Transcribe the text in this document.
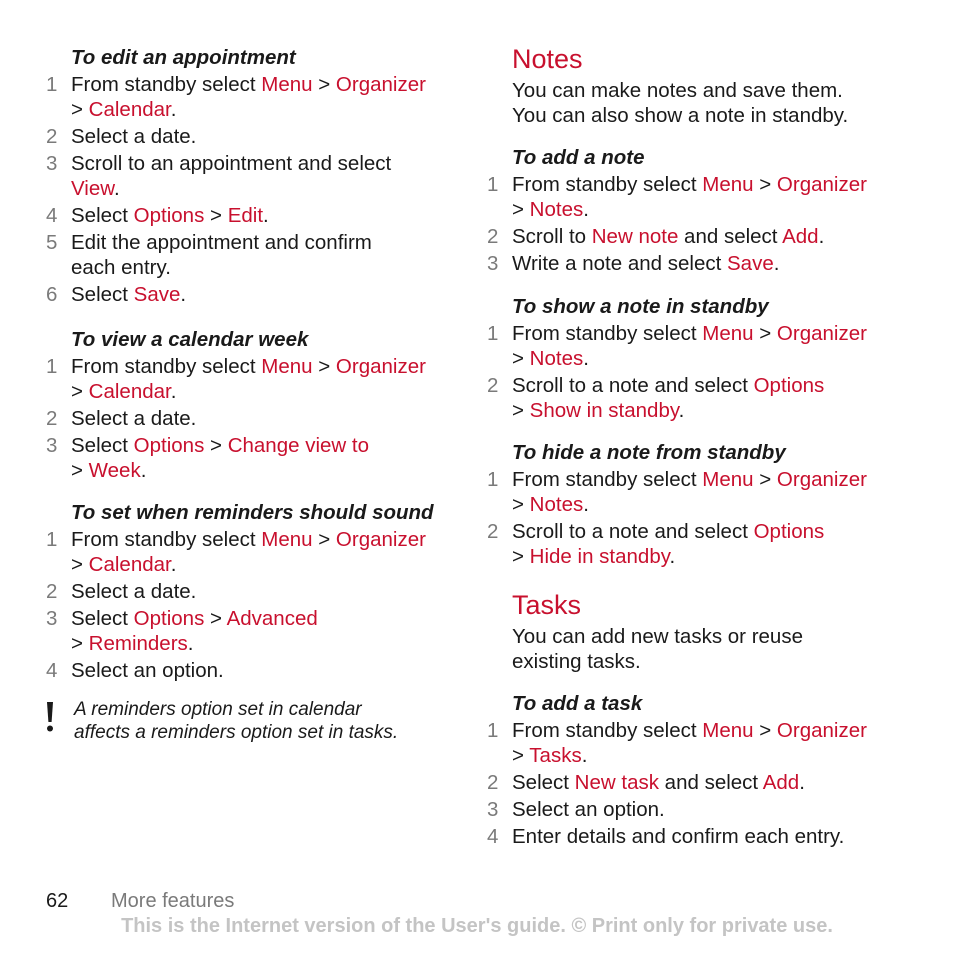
To edit an appointment
1 From standby select Menu > Organizer
> Calendar.
2 Select a date.
3 Scroll to an appointment and select
View.
4 Select Options > Edit.
5 Edit the appointment and confirm
each entry.
6 Select Save.
To view a calendar week
1 From standby select Menu > Organizer
> Calendar.
2 Select a date.
3 Select Options > Change view to
> Week.
To set when reminders should sound
1 From standby select Menu > Organizer
> Calendar.
2 Select a date.
3 Select Options > Advanced
> Reminders.
4 Select an option.
A reminders option set in calendar
affects a reminders option set in tasks.
Notes
You can make notes and save them.
You can also show a note in standby.
To add a note
1 From standby select Menu > Organizer
> Notes.
2 Scroll to New note and select Add.
3 Write a note and select Save.
To show a note in standby
1 From standby select Menu > Organizer
> Notes.
2 Scroll to a note and select Options
> Show in standby.
To hide a note from standby
1 From standby select Menu > Organizer
> Notes.
2 Scroll to a note and select Options
> Hide in standby.
Tasks
You can add new tasks or reuse
existing tasks.
To add a task
1 From standby select Menu > Organizer
> Tasks.
2 Select New task and select Add.
3 Select an option.
4 Enter details and confirm each entry.
62 More features
This is the Internet version of the User's guide. © Print only for private use.
